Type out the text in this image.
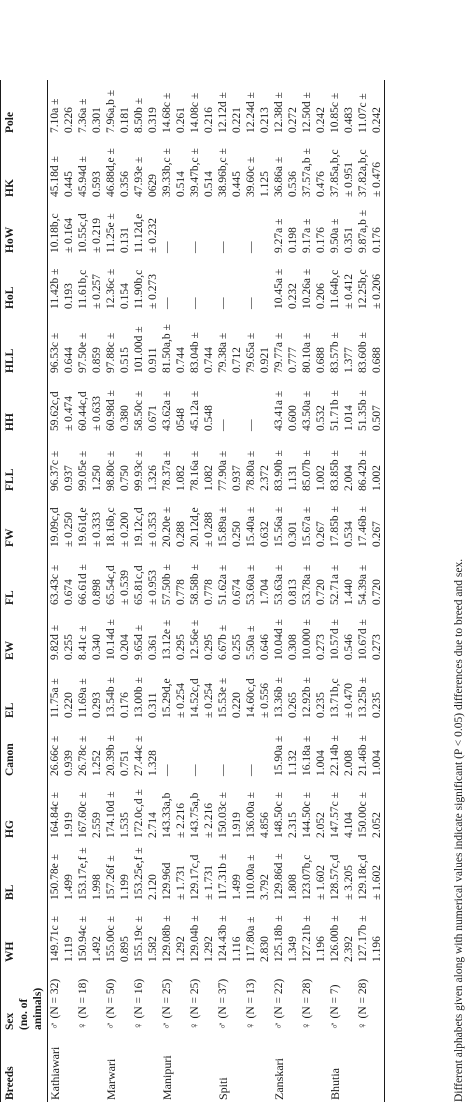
Breeds	Sex
(no. of
animals)	WH	BL	HG	Canon	EL	EW	FL	FW	FLL	HH	HLL	HoL	HoW	HK	Pole
Kathiawari	♂ (N = 32)	149.71c ± 1.119	150.78e ± 1.499	164.84c ± 1.919	26.66c ± 0.939	11.75a ± 0.220	9.82d ± 0.255	63.43c ± 0.674	19.09c,d ± 0.250	96.37c ± 0.937	59.62c,d ± 0.474	96.53c ± 0.644	11.42b ± 0.193	10.18b,c ± 0.164	45.18d ± 0.445	7.10a ± 0.226

	♀ (N = 18)	150.94c ± 1.492	153.17e,f ± 1.998	167.60c ± 2.559	26.78c ± 1.252	11.69a ± 0.293	8.41c ± 0.340	66.61d ± 0.898	19.61d,e ± 0.333	99.05e ± 1.250	60.44c,d ± 0.633	97.50e ± 0.859	11.61b,c ± 0.257	10.55c,d ± 0.219	45.94d ± 0.593	7.36a ± 0.301

Marwari	♂ (N = 50)	155.00c ± 0.895	157.26f ± 1.199	174.10d ± 1.535	20.39b ± 0.751	13.54b ± 0.176	10.14d ± 0.204	65.54c,d ± 0.539	18.16b,c ± 0.200	98.80c ± 0.750	60.98d ± 0.380	97.88c ± 0.515	12.36c ± 0.154	11.25e ± 0.131	46.88d,e ± 0.356	7.96a,b ± 0.181

	♀ (N = 16)	155.19c ± 1.582	153.25e,f ± 2.120	172.0c,d ± 2.714	27.44c ± 1.328	13.00b ± 0.311	9.65d ± 0.361	65.81c,d ± 0.953	19.12c,d ± 0.353	99.93c ± 1.326	58.50c ± 0.671	101.00d ± 0.911	11.90b,c ± 0.273	11.12d,e ± 0.232	47.93e ± 0629	8.50b ± 0.319

Manipuri	♂ (N = 25)	129.08b ± 1.292	129.96d ± 1.731	143.33a,b ± 2.216	—	15.29d,e ± 0.254	13.12e ± 0.295	57.50b ± 0.778	20.20e ± 0.288	78.37a ± 1.082	43.62a ± 0548	81.50a,b ± 0.744	—	—	39.33b,c ± 0.514	14.68c ± 0.261

	♀ (N = 25)	129.04b ± 1.292	129.17c,d ± 1.731	143.75a,b ± 2.216	—	14.52c,d ± 0.254	12.56e ± 0.295	58.58b ± 0.778	20.12d,e ± 0.288	78.16a ± 1.082	45.12a ± 0.548	83.04b ± 0.744	—	—	39.47b,c ± 0.514	14.08c ± 0.216

Spiti	♂ (N = 37)	124.43b ± 1.116	117.31b ± 1.499	150.03c ± 1.919	—	15.53e ± 0.220	6.67b ± 0.255	51.62a ± 0.674	15.89a ± 0.250	77.90a ± 0.937	—	79.38a ± 0.712	—	—	38.96b,c ± 0.445	12.12d ± 0.221

	♀ (N = 13)	117.80a ± 2.830	110.00a ± 3.792	136.00a ± 4.856	—	14.60c,d ± 0.556	5.50a ± 0.646	53.60a ± 1.704	15.40a ± 0.632	78.80a ± 2.372	—	79.65a ± 0.921	—	—	39.60c ± 1.125	12.24d ± 0.213

Zanskari	♂ (N = 22)	125.18b ± 1.349	129.86d ± 1.808	148.50c ± 2.315	15.90a ± 1.132	13.36b ± 0.265	10.04d ± 0.308	53.63a ± 0.813	15.56a ± 0.301	83.90b ± 1.131	43.41a ± 0.600	79.77a ± 0.777	10.45a ± 0.232	9.27a ± 0.198	36.86a ± 0.536	12.38d ± 0.272

	♀ (N = 28)	127.21b ± 1.196	123.07b,c ± 1.602	144.50c ± 2.052	16.18a ± 1.004	12.92b ± 0.235	10.000 ± 0.273	53.78a ± 0.720	15.67a ± 0.267	85.07b ± 1.002	43.50a ± 0.532	80.10a ± 0.688	10.26a ± 0.206	9.17a ± 0.176	37.57a,b ± 0.476	12.50d ± 0.242

Bhutia	♂ (N = 7)	126.00b ± 2.392	128.57c,d ± 3.205	147.57c ± 4.104	22.14b ± 2.008	13.71b,c ± 0.470	10.57d ± 0.546	52.71a ± 1.440	17.85b ± 0.534	83.85b ± 2.004	51.71b ± 1.014	83.57b ± 1.377	11.64b,c ± 0.412	9.50a ± 0.351	37.85a,b,c ± 0.951	10.85c ± 0.483

	♀ (N = 28)	127.17b ± 1.196	129.18c,d ± 1.602	150.00c ± 2.052	21.46b ± 1.004	13.25b ± 0.235	10.67d ± 0.273	54.39a ± 0.720	17.46b ± 0.267	86.42b ± 1.002	51.35b ± 0.507	83.60b ± 0.688	12.25b,c ± 0.206	9.87a,b ± 0.176	37.82a,b,c ± 0.476	11.07c ± 0.242
Different alphabets given along with numerical values indicate significant (P < 0.05) differences due to breed and sex.
